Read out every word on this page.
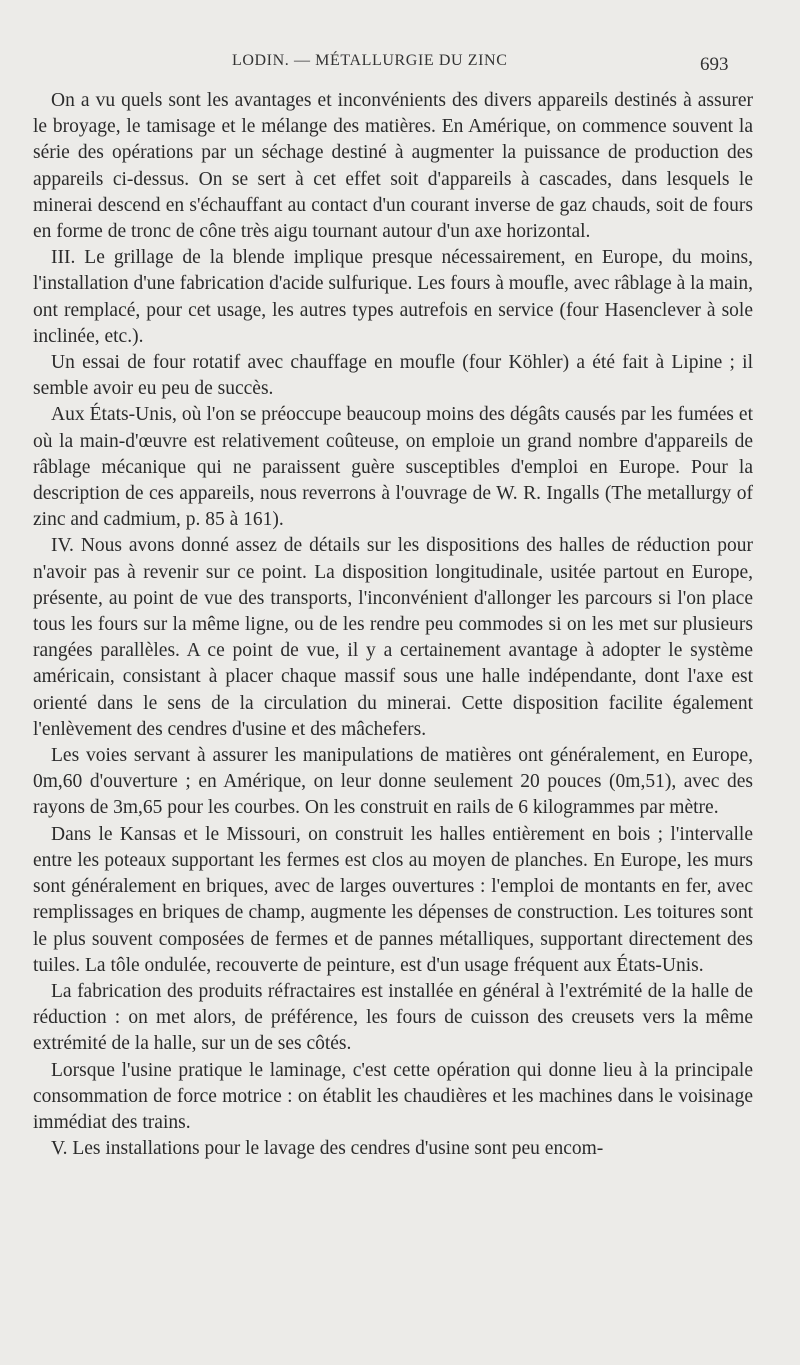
LODIN. — MÉTALLURGIE DU ZINC	693

On a vu quels sont les avantages et inconvénients des divers appareils destinés à assurer le broyage, le tamisage et le mélange des matières. En Amérique, on commence souvent la série des opérations par un séchage destiné à augmenter la puissance de production des appareils ci-dessus. On se sert à cet effet soit d'appareils à cascades, dans lesquels le minerai descend en s'échauffant au contact d'un courant inverse de gaz chauds, soit de fours en forme de tronc de cône très aigu tournant autour d'un axe horizontal.

III. Le grillage de la blende implique presque nécessairement, en Europe, du moins, l'installation d'une fabrication d'acide sulfurique. Les fours à moufle, avec râblage à la main, ont remplacé, pour cet usage, les autres types autrefois en service (four Hasenclever à sole inclinée, etc.).

Un essai de four rotatif avec chauffage en moufle (four Köhler) a été fait à Lipine ; il semble avoir eu peu de succès.

Aux États-Unis, où l'on se préoccupe beaucoup moins des dégâts causés par les fumées et où la main-d'œuvre est relativement coûteuse, on emploie un grand nombre d'appareils de râblage mécanique qui ne paraissent guère susceptibles d'emploi en Europe. Pour la description de ces appareils, nous reverrons à l'ouvrage de W. R. Ingalls (The metallurgy of zinc and cadmium, p. 85 à 161).

IV. Nous avons donné assez de détails sur les dispositions des halles de réduction pour n'avoir pas à revenir sur ce point. La disposition longitudinale, usitée partout en Europe, présente, au point de vue des transports, l'inconvénient d'allonger les parcours si l'on place tous les fours sur la même ligne, ou de les rendre peu commodes si on les met sur plusieurs rangées parallèles. A ce point de vue, il y a certainement avantage à adopter le système américain, consistant à placer chaque massif sous une halle indépendante, dont l'axe est orienté dans le sens de la circulation du minerai. Cette disposition facilite également l'enlèvement des cendres d'usine et des mâchefers.

Les voies servant à assurer les manipulations de matières ont généralement, en Europe, 0m,60 d'ouverture ; en Amérique, on leur donne seulement 20 pouces (0m,51), avec des rayons de 3m,65 pour les courbes. On les construit en rails de 6 kilogrammes par mètre.

Dans le Kansas et le Missouri, on construit les halles entièrement en bois ; l'intervalle entre les poteaux supportant les fermes est clos au moyen de planches. En Europe, les murs sont généralement en briques, avec de larges ouvertures : l'emploi de montants en fer, avec remplissages en briques de champ, augmente les dépenses de construction. Les toitures sont le plus souvent composées de fermes et de pannes métalliques, supportant directement des tuiles. La tôle ondulée, recouverte de peinture, est d'un usage fréquent aux États-Unis.

La fabrication des produits réfractaires est installée en général à l'extrémité de la halle de réduction : on met alors, de préférence, les fours de cuisson des creusets vers la même extrémité de la halle, sur un de ses côtés.

Lorsque l'usine pratique le laminage, c'est cette opération qui donne lieu à la principale consommation de force motrice : on établit les chaudières et les machines dans le voisinage immédiat des trains.

V. Les installations pour le lavage des cendres d'usine sont peu encom-
